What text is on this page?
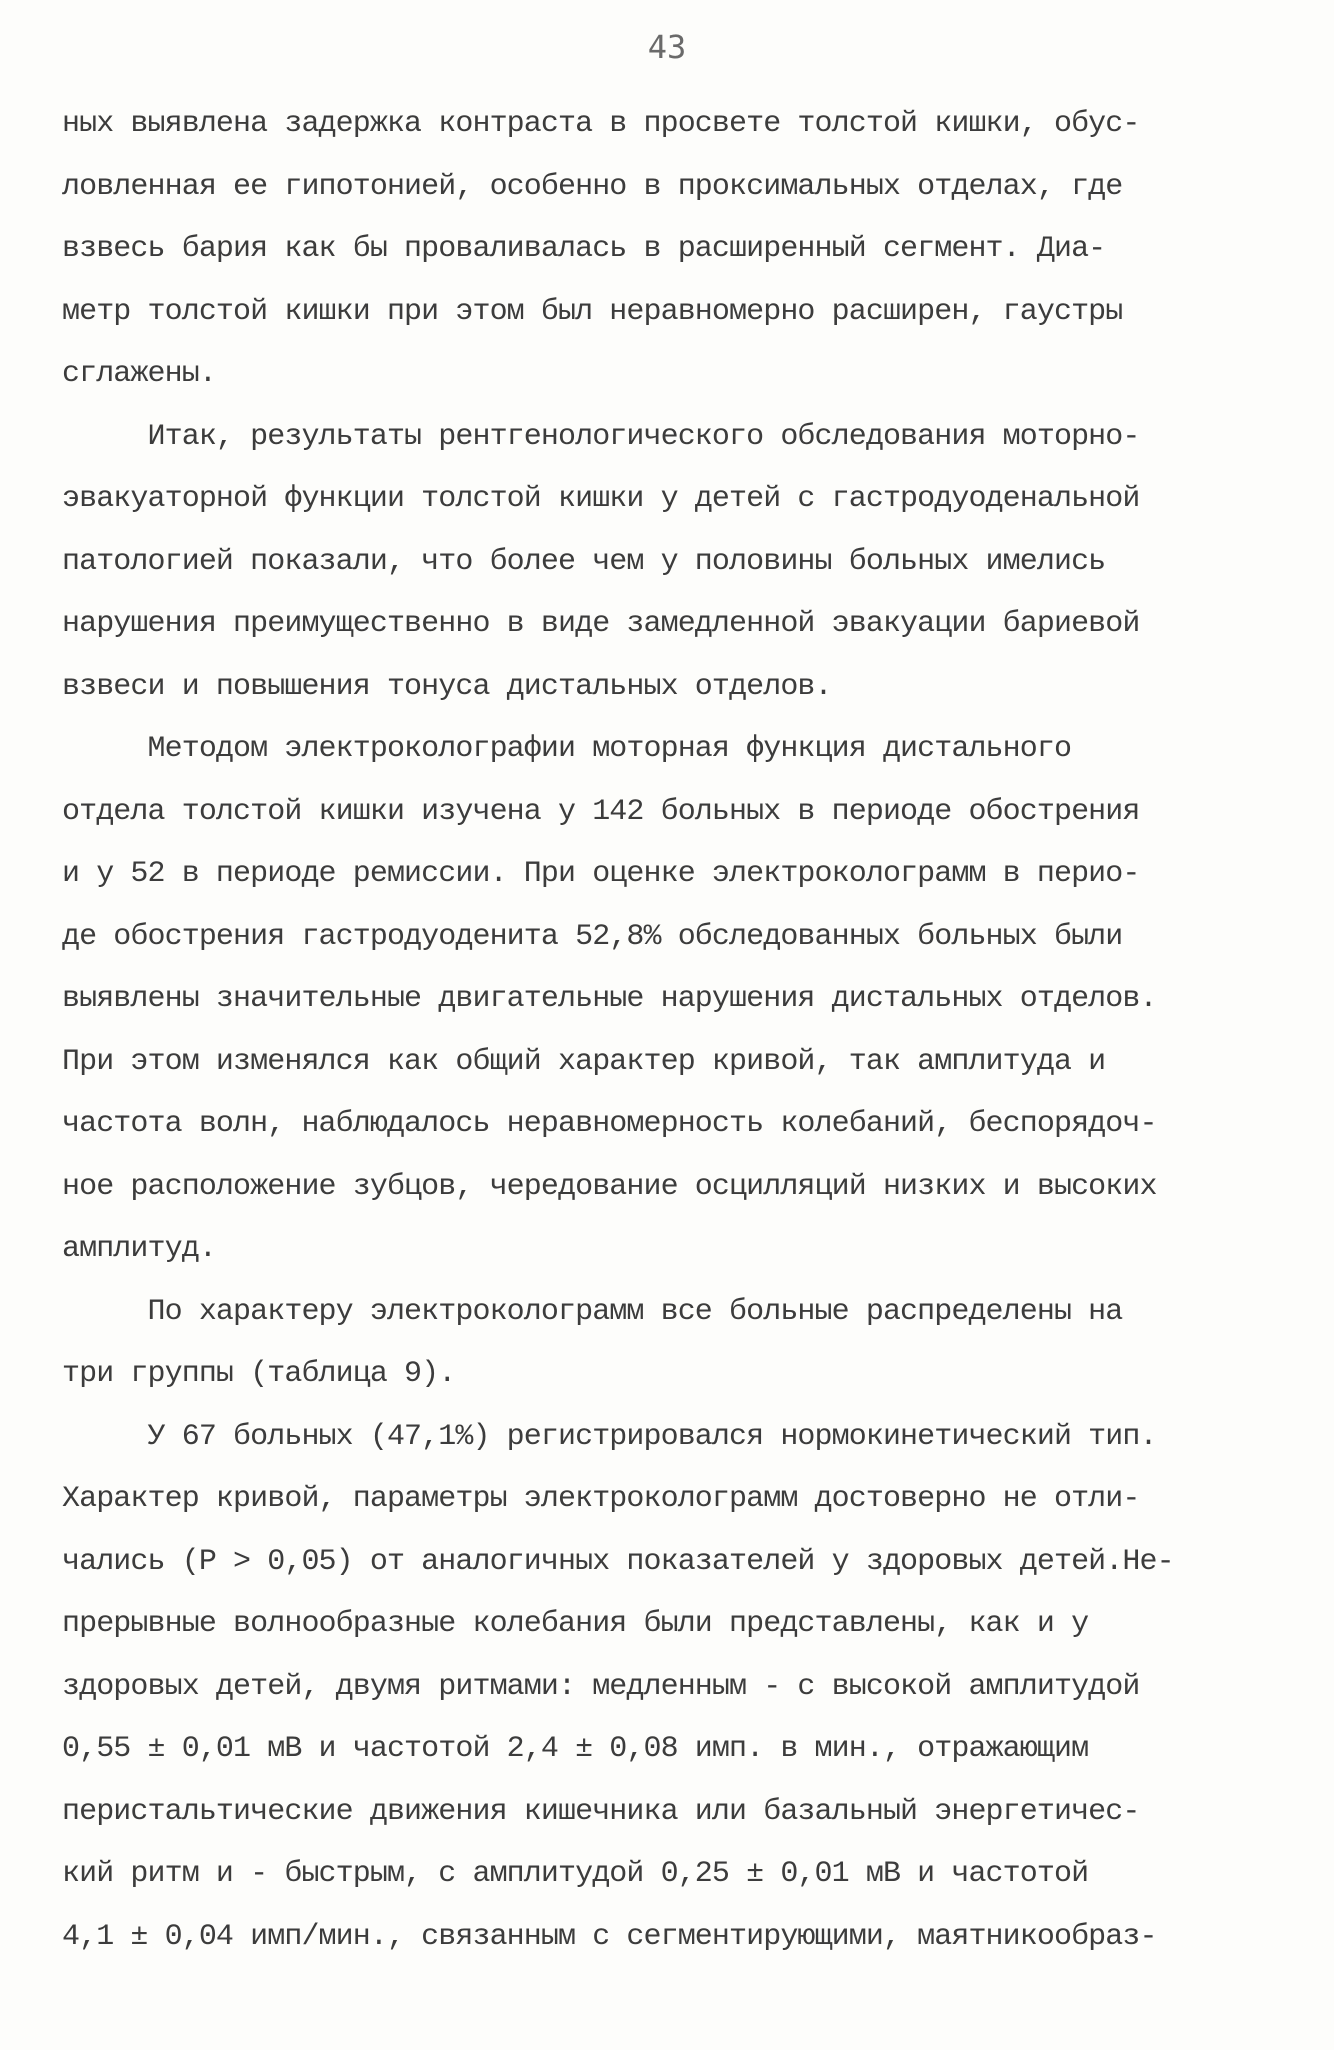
43
ных выявлена задержка контраста в просвете толстой кишки, обус-
ловленная ее гипотонией, особенно в проксимальных отделах, где
взвесь бария как бы проваливалась в расширенный сегмент. Диа-
метр толстой кишки при этом был неравномерно расширен, гаустры
сглажены.
Итак, результаты рентгенологического обследования моторно-
эвакуаторной функции толстой кишки у детей с гастродуоденальной
патологией показали, что более чем у половины больных имелись
нарушения преимущественно в виде замедленной эвакуации бариевой
взвеси и повышения тонуса дистальных отделов.
Методом электроколографии моторная функция дистального
отдела толстой кишки изучена у 142 больных в периоде обострения
и у 52 в периоде ремиссии. При оценке электроколограмм в перио-
де обострения гастродуоденита 52,8% обследованных больных были
выявлены значительные двигательные нарушения дистальных отделов.
При этом изменялся как общий характер кривой, так амплитуда и
частота волн, наблюдалось неравномерность колебаний, беспорядоч-
ное расположение зубцов, чередование осцилляций низких и высоких
амплитуд.
По характеру электроколограмм все больные распределены на
три группы (таблица 9).
У 67 больных (47,1%) регистрировался нормокинетический тип.
Характер кривой, параметры электроколограмм достоверно не отли-
чались (P > 0,05) от аналогичных показателей у здоровых детей.Не-
прерывные волнообразные колебания были представлены, как и у
здоровых детей, двумя ритмами: медленным - с высокой амплитудой
0,55 ± 0,01 мВ и частотой 2,4 ± 0,08 имп. в мин., отражающим
перистальтические движения кишечника или базальный энергетичес-
кий ритм и - быстрым, с амплитудой 0,25 ± 0,01 мВ и частотой
4,1 ± 0,04 имп/мин., связанным с сегментирующими, маятникообраз-
